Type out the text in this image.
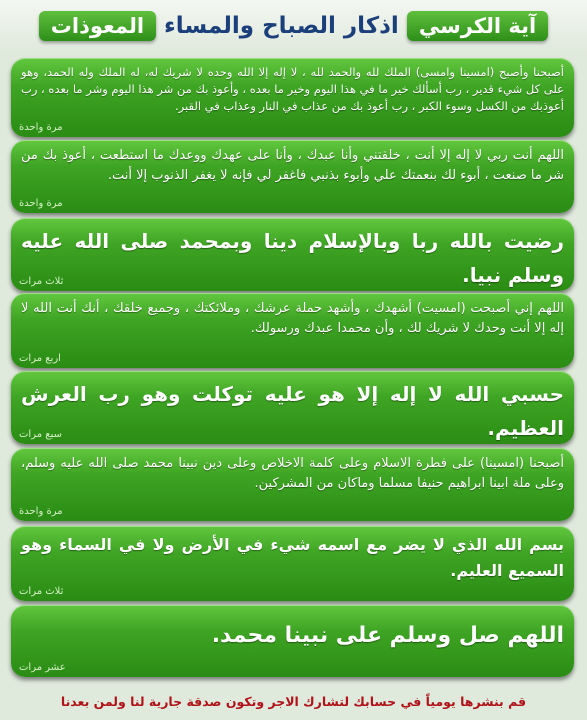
آية الكرسي
اذكار الصباح والمساء
المعوذات
أصبحنا وأصبح (امسينا وامسى) الملك لله والحمد لله ، لا إله إلا الله وحده لا شريك له، له الملك وله الحمد، وهو على كل شيء قدير ، رب أسألك خير ما في هذا اليوم وخير ما بعده ، وأعوذ بك من شر هذا اليوم وشر ما بعده ، رب أعوذبك من الكسل وسوء الكبر ، رب أعوذ بك من عذاب في النار وعذاب في القبر.
مرة واحدة
اللهم أنت ربي لا إله إلا أنت ، خلقتني وأنا عبدك ، وأنا على عهدك ووعدك ما استطعت ، أعوذ بك من شر ما صنعت ، أبوء لك بنعمتك علي وأبوء بذنبي فاغفر لي فإنه لا يغفر الذنوب إلا أنت.
مرة واحدة
رضيت بالله ربا وبالإسلام دينا وبمحمد صلى الله عليه وسلم نبيا.
ثلاث مرات
اللهم إني أصبحت (امسيت) أشهدك ، وأشهد حملة عرشك ، وملائكتك ، وجميع خلقك ، أنك أنت الله لا إله إلا أنت وحدك لا شريك لك ، وأن محمدا عبدك ورسولك.
اربع مرات
حسبي الله لا إله إلا هو عليه توكلت وهو رب العرش العظيم.
سبع مرات
أصبحنا (امسينا) على فطرة الاسلام وعلى كلمة الاخلاص وعلى دين نبينا محمد صلى الله عليه وسلم، وعلى ملة ابينا ابراهيم حنيفا مسلما وماكان من المشركين.
مرة واحدة
بسم الله الذي لا يضر مع اسمه شيء في الأرض ولا في السماء وهو السميع العليم.
ثلاث مرات
اللهم صل وسلم على نبينا محمد.
عشر مرات
قم بنشرها يومياً في حسابك لتشارك الاجر وتكون صدقة جارية لنا ولمن بعدنا
